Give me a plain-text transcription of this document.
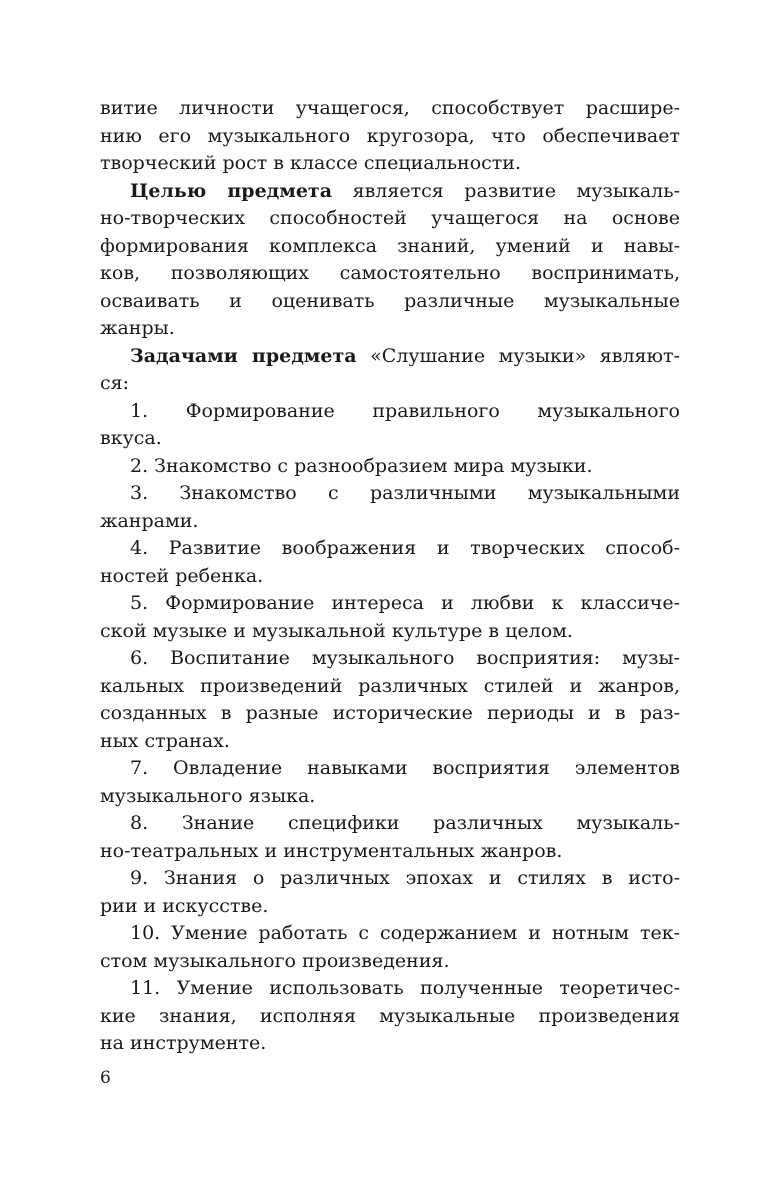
витие личности учащегося, способствует расшире-
нию его музыкального кругозора, что обеспечивает
творческий рост в классе специальности.
Целью предмета является развитие музыкаль-
но-творческих способностей учащегося на основе
формирования комплекса знаний, умений и навы-
ков, позволяющих самостоятельно воспринимать,
осваивать и оценивать различные музыкальные
жанры.
Задачами предмета «Слушание музыки» являют-
ся:
1. Формирование правильного музыкального
вкуса.
2. Знакомство с разнообразием мира музыки.
3. Знакомство с различными музыкальными
жанрами.
4. Развитие воображения и творческих способ-
ностей ребенка.
5. Формирование интереса и любви к классиче-
ской музыке и музыкальной культуре в целом.
6. Воспитание музыкального восприятия: музы-
кальных произведений различных стилей и жанров,
созданных в разные исторические периоды и в раз-
ных странах.
7. Овладение навыками восприятия элементов
музыкального языка.
8. Знание специфики различных музыкаль-
но-театральных и инструментальных жанров.
9. Знания о различных эпохах и стилях в исто-
рии и искусстве.
10. Умение работать с содержанием и нотным тек-
стом музыкального произведения.
11. Умение использовать полученные теоретичес-
кие знания, исполняя музыкальные произведения
на инструменте.
6
